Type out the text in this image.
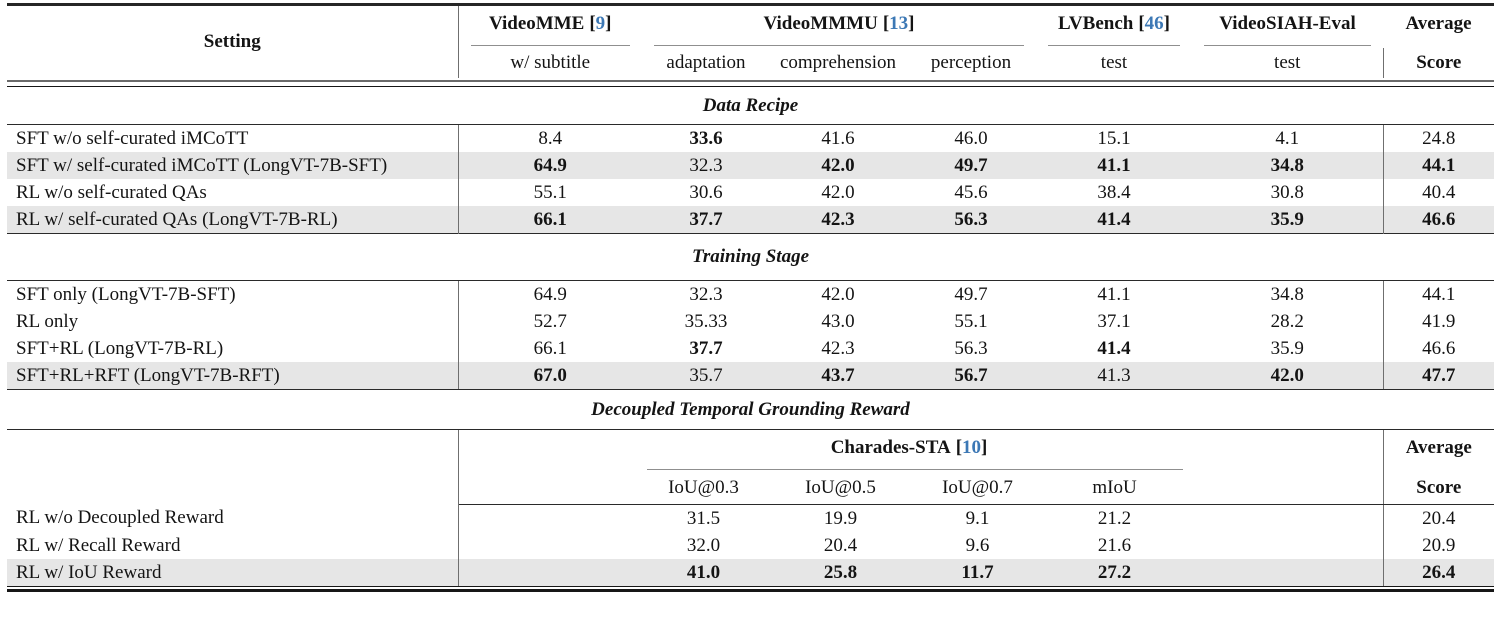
Setting	VideoMME [ 9 ]	VideoMMMU [ 13 ]			LVBench [ 46 ]	VideoSIAH-Eval	Average

	w/ subtitle	adaptation	comprehension	perception	test	test	Score

Data Recipe							
SFT w/o self-curated iMCoTT	8.4	33.6	41.6	46.0	15.1	4.1	24.8
SFT w/ self-curated iMCoTT (LongVT-7B-SFT)	64.9	32.3	42.0	49.7	41.1	34.8	44.1
RL w/o self-curated QAs	55.1	30.6	42.0	45.6	38.4	30.8	40.4
RL w/ self-curated QAs (LongVT-7B-RL)	66.1	37.7	42.3	56.3	41.4	35.9	46.6
Training Stage							
SFT only (LongVT-7B-SFT)	64.9	32.3	42.0	49.7	41.1	34.8	44.1
RL only	52.7	35.33	43.0	55.1	37.1	28.2	41.9
SFT+RL (LongVT-7B-RL)	66.1	37.7	42.3	56.3	41.4	35.9	46.6
SFT+RL+RFT (LongVT-7B-RFT)	67.0	35.7	43.7	56.7	41.3	42.0	47.7
Decoupled Temporal Grounding Reward
		Charades-STA [ 10 ]					Average

		IoU@0.3	IoU@0.5	IoU@0.7	mIoU		Score
RL w/o Decoupled Reward		31.5	19.9	9.1	21.2		20.4
RL w/ Recall Reward		32.0	20.4	9.6	21.6		20.9
RL w/ IoU Reward		41.0	25.8	11.7	27.2		26.4
